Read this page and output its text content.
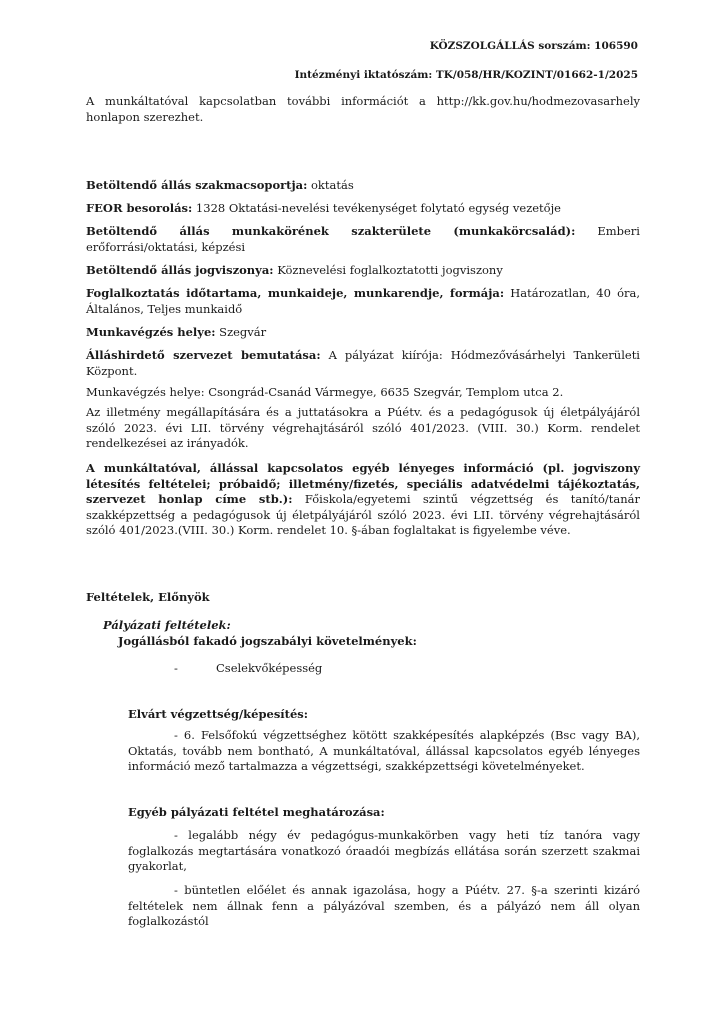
KÖZSZOLGÁLLÁS sorszám: 106590
Intézményi iktatószám: TK/058/HR/KOZINT/01662-1/2025

A munkáltatóval kapcsolatban további információt a http://kk.gov.hu/hodmezovasarhely honlapon szerezhet.

Betöltendő állás szakmacsoportja: oktatás

FEOR besorolás: 1328 Oktatási-nevelési tevékenységet folytató egység vezetője

Betöltendő állás munkakörének szakterülete (munkakörcsalád): Emberi erőforrási/oktatási, képzési

Betöltendő állás jogviszonya: Köznevelési foglalkoztatotti jogviszony

Foglalkoztatás időtartama, munkaideje, munkarendje, formája: Határozatlan, 40 óra, Általános, Teljes munkaidő

Munkavégzés helye: Szegvár

Álláshirdető szervezet bemutatása: A pályázat kiírója: Hódmezővásárhelyi Tankerületi Központ.

Munkavégzés helye: Csongrád-Csanád Vármegye, 6635 Szegvár, Templom utca 2.

Az illetmény megállapítására és a juttatásokra a Púétv. és a pedagógusok új életpályájáról szóló 2023. évi LII. törvény végrehajtásáról szóló 401/2023. (VIII. 30.) Korm. rendelet rendelkezései az irányadók.

A munkáltatóval, állással kapcsolatos egyéb lényeges információ (pl. jogviszony létesítés feltételei; próbaidő; illetmény/fizetés, speciális adatvédelmi tájékoztatás, szervezet honlap címe stb.): Főiskola/egyetemi szintű végzettség és tanító/tanár szakképzettség a pedagógusok új életpályájáról szóló 2023. évi LII. törvény végrehajtásáról szóló 401/2023.(VIII. 30.) Korm. rendelet 10. §-ában foglaltakat is figyelembe véve.

Feltételek, Előnyök
Pályázati feltételek:
Jogállásból fakadó jogszabályi követelmények:
-	Cselekvőképesség
Elvárt végzettség/képesítés:

- 6. Felsőfokú végzettséghez kötött szakképesítés alapképzés (Bsc vagy BA), Oktatás, tovább nem bontható, A munkáltatóval, állással kapcsolatos egyéb lényeges információ mező tartalmazza a végzettségi, szakképzettségi követelményeket.

Egyéb pályázati feltétel meghatározása:

- legalább négy év pedagógus-munkakörben vagy heti tíz tanóra vagy foglalkozás megtartására vonatkozó óraadói megbízás ellátása során szerzett szakmai gyakorlat,

- büntetlen előélet és annak igazolása, hogy a Púétv. 27. §-a szerinti kizáró feltételek nem állnak fenn a pályázóval szemben, és a pályázó nem áll olyan foglalkozástól
